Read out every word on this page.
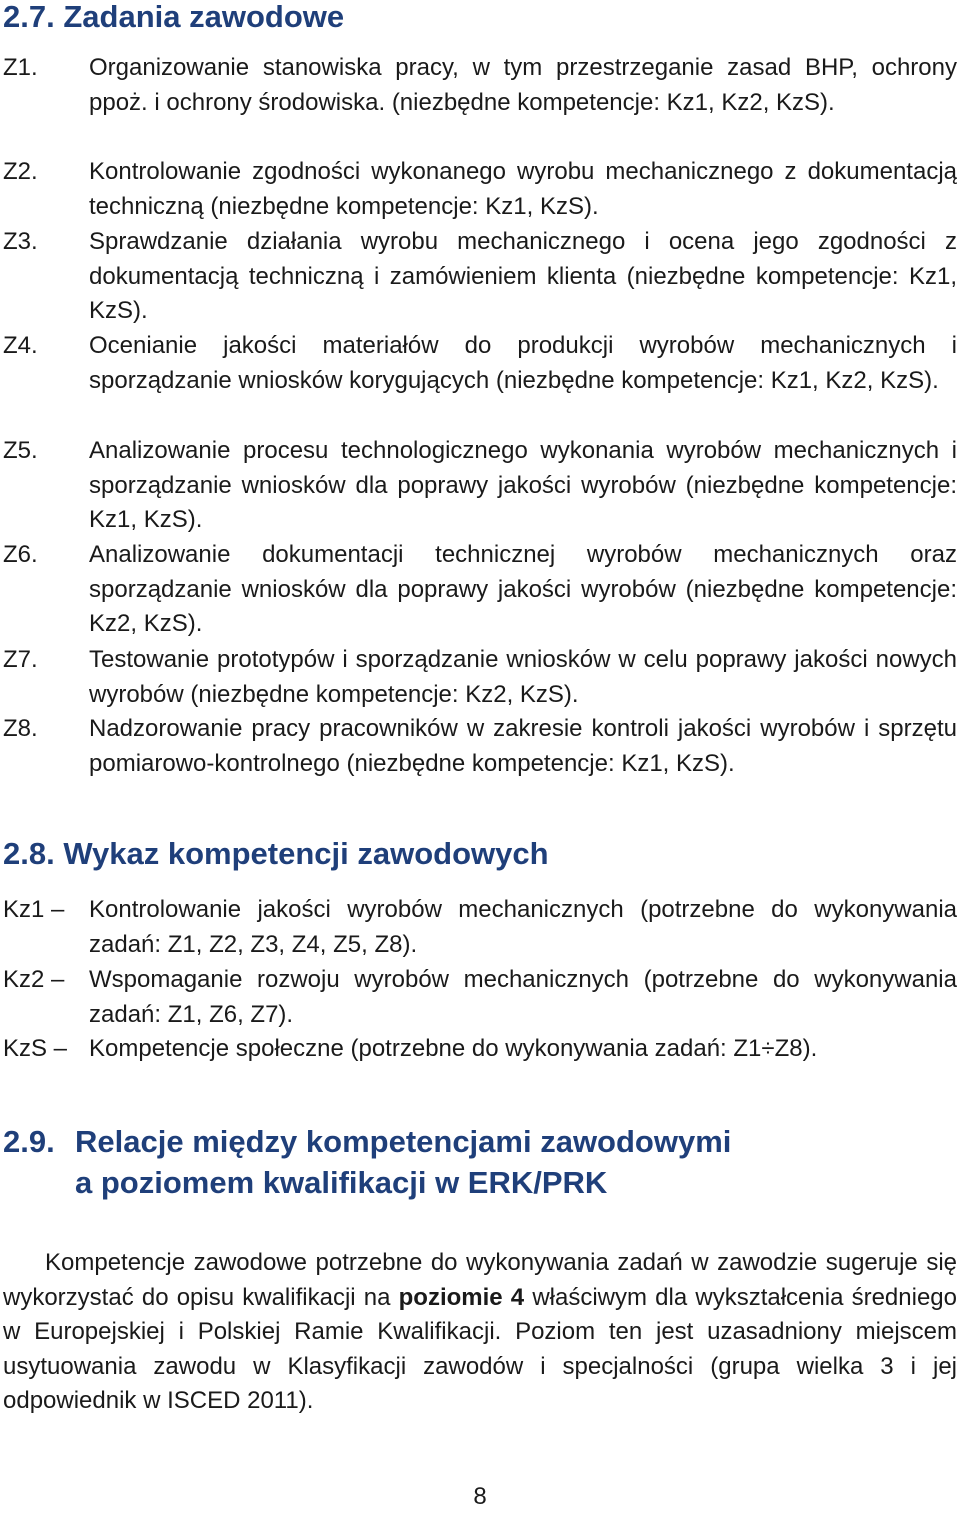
2.7. Zadania zawodowe
Z1. Organizowanie stanowiska pracy, w tym przestrzeganie zasad BHP, ochrony ppoż. i ochrony środowiska. (niezbędne kompetencje: Kz1, Kz2, KzS).
Z2. Kontrolowanie zgodności wykonanego wyrobu mechanicznego z dokumentacją techniczną (niezbędne kompetencje: Kz1, KzS).
Z3. Sprawdzanie działania wyrobu mechanicznego i ocena jego zgodności z dokumentacją techniczną i zamówieniem klienta (niezbędne kompetencje: Kz1, KzS).
Z4. Ocenianie jakości materiałów do produkcji wyrobów mechanicznych i sporządzanie wniosków korygujących (niezbędne kompetencje: Kz1, Kz2, KzS).
Z5. Analizowanie procesu technologicznego wykonania wyrobów mechanicznych i sporządzanie wniosków dla poprawy jakości wyrobów (niezbędne kompetencje: Kz1, KzS).
Z6. Analizowanie dokumentacji technicznej wyrobów mechanicznych oraz sporządzanie wniosków dla poprawy jakości wyrobów (niezbędne kompetencje: Kz2, KzS).
Z7. Testowanie prototypów i sporządzanie wniosków w celu poprawy jakości nowych wyrobów (niezbędne kompetencje: Kz2, KzS).
Z8. Nadzorowanie pracy pracowników w zakresie kontroli jakości wyrobów i sprzętu pomiarowo-kontrolnego (niezbędne kompetencje: Kz1, KzS).
2.8. Wykaz kompetencji zawodowych
Kz1 – Kontrolowanie jakości wyrobów mechanicznych (potrzebne do wykonywania zadań: Z1, Z2, Z3, Z4, Z5, Z8).
Kz2 – Wspomaganie rozwoju wyrobów mechanicznych (potrzebne do wykonywania zadań: Z1, Z6, Z7).
KzS – Kompetencje społeczne (potrzebne do wykonywania zadań: Z1÷Z8).
2.9. Relacje między kompetencjami zawodowymi
a poziomem kwalifikacji w ERK/PRK

Kompetencje zawodowe potrzebne do wykonywania zadań w zawodzie sugeruje się wykorzystać do opisu kwalifikacji na poziomie 4 właściwym dla wykształcenia średniego w Europejskiej i Polskiej Ramie Kwalifikacji. Poziom ten jest uzasadniony miejscem usytuowania zawodu w Klasyfikacji zawodów i specjalności (grupa wielka 3 i jej odpowiednik w ISCED 2011).

8
